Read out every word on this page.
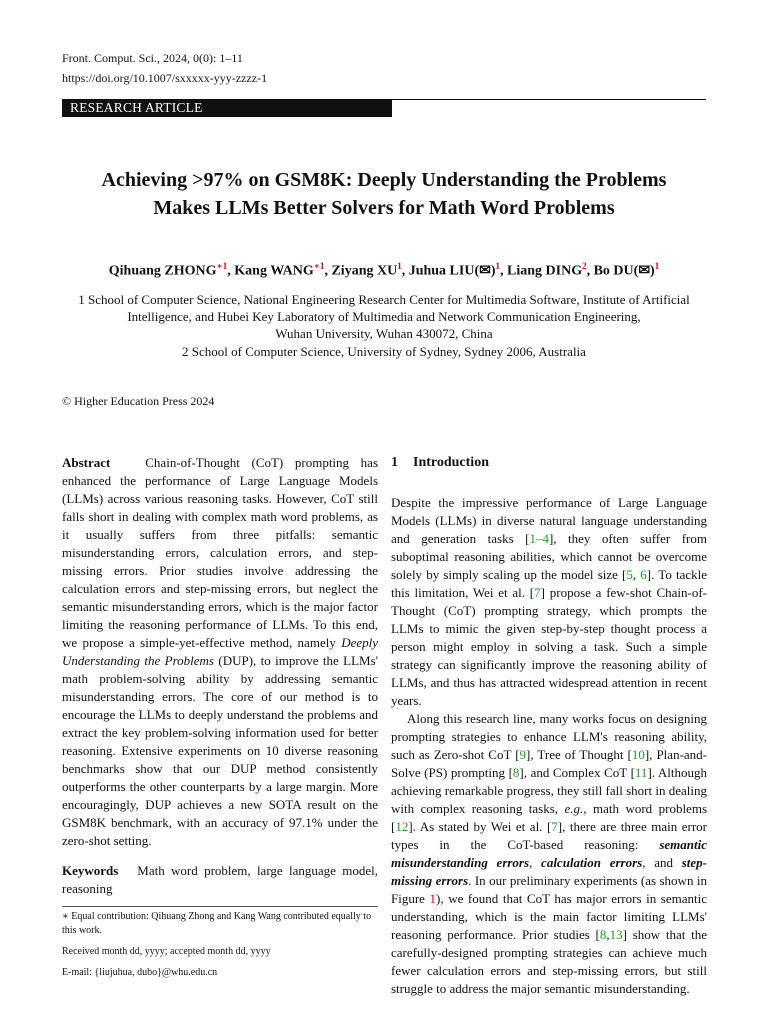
Front. Comput. Sci., 2024, 0(0): 1–11
https://doi.org/10.1007/sxxxxx-yyy-zzzz-1
RESEARCH ARTICLE
Achieving >97% on GSM8K: Deeply Understanding the Problems
Makes LLMs Better Solvers for Math Word Problems
Qihuang $ZHONG^{∗1}$, Kang $WANG^{∗1}$, Ziyang $XU^1$, Juhua LIU(✉)$^1$, Liang DING$^2$, Bo DU(✉)$^1$
1 School of Computer Science, National Engineering Research Center for Multimedia Software, Institute of Artificial
Intelligence, and Hubei Key Laboratory of Multimedia and Network Communication Engineering,
Wuhan University, Wuhan 430072, China
2 School of Computer Science, University of Sydney, Sydney 2006, Australia
© Higher Education Press 2024

Abstract	Chain-of-Thought (CoT) prompting has enhanced the performance of Large Language Models (LLMs) across various reasoning tasks. However, CoT still falls short in dealing with complex math word problems, as it usually suffers from three pitfalls: semantic misunderstanding errors, calculation errors, and step-missing errors. Prior studies involve addressing the calculation errors and step-missing errors, but neglect the semantic misunderstanding errors, which is the major factor limiting the reasoning performance of LLMs. To this end, we propose a simple-yet-effective method, namely Deeply Understanding the Problems (DUP), to improve the LLMs' math problem-solving ability by addressing semantic misunderstanding errors. The core of our method is to encourage the LLMs to deeply understand the problems and extract the key problem-solving information used for better reasoning. Extensive experiments on 10 diverse reasoning benchmarks show that our DUP method consistently outperforms the other counterparts by a large margin. More encouragingly, DUP achieves a new SOTA result on the GSM8K benchmark, with an accuracy of 97.1% under the zero-shot setting.

Keywords Math word problem, large language model, reasoning

∗ Equal contribution: Qihuang Zhong and Kang Wang contributed equally to this work.
Received month dd, yyyy; accepted month dd, yyyy
E-mail: {liujuhua, dubo}@whu.edu.cn
1 Introduction

Despite the impressive performance of Large Language Models (LLMs) in diverse natural language understanding and generation tasks [1–4], they often suffer from suboptimal reasoning abilities, which cannot be overcome solely by simply scaling up the model size [5, 6]. To tackle this limitation, Wei et al. [7] propose a few-shot Chain-of-Thought (CoT) prompting strategy, which prompts the LLMs to mimic the given step-by-step thought process a person might employ in solving a task. Such a simple strategy can significantly improve the reasoning ability of LLMs, and thus has attracted widespread attention in recent years.

Along this research line, many works focus on designing prompting strategies to enhance LLM's reasoning ability, such as Zero-shot CoT [9], Tree of Thought [10], Plan-and-Solve (PS) prompting [8], and Complex CoT [11]. Although achieving remarkable progress, they still fall short in dealing with complex reasoning tasks, e.g., math word problems [12]. As stated by Wei et al. [7], there are three main error types in the CoT-based reasoning: semantic misunderstanding errors, calculation errors, and step-missing errors. In our preliminary experiments (as shown in Figure 1), we found that CoT has major errors in semantic understanding, which is the main factor limiting LLMs' reasoning performance. Prior studies [8,13] show that the carefully-designed prompting strategies can achieve much fewer calculation errors and step-missing errors, but still struggle to address the major semantic misunderstanding.
